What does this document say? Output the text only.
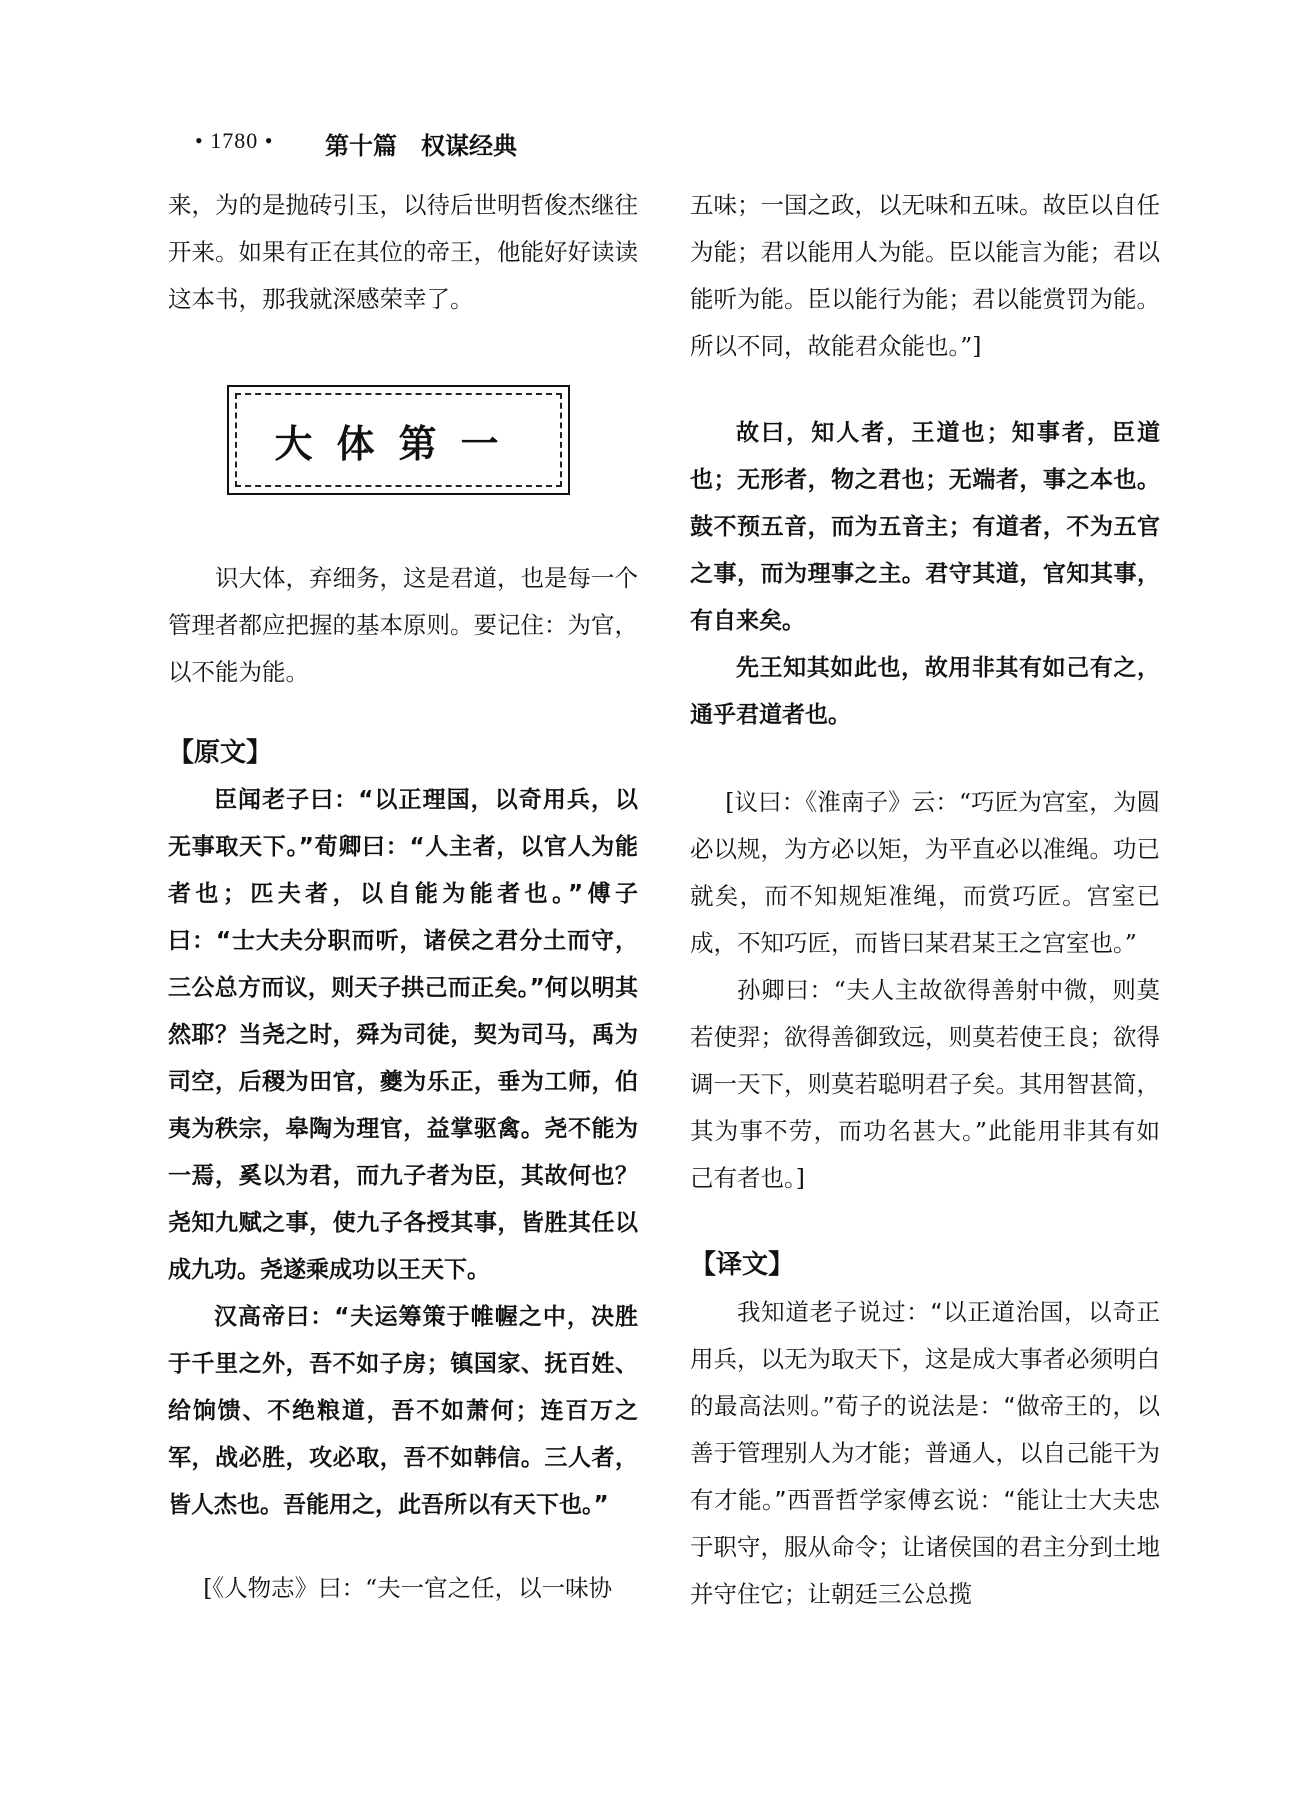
• 1780 • 第十篇　权谋经典

来，为的是抛砖引玉，以待后世明哲俊杰继往开来。如果有正在其位的帝王，他能好好读读这本书，那我就深感荣幸了。

大体第一

识大体，弃细务，这是君道，也是每一个管理者都应把握的基本原则。要记住：为官，以不能为能。

【原文】

臣闻老子曰：“以正理国，以奇用兵，以无事取天下。”荀卿曰：“人主者，以官人为能者也；匹夫者，以自能为能者也。”傅子曰：“士大夫分职而听，诸侯之君分土而守，三公总方而议，则天子拱己而正矣。”何以明其然耶？当尧之时，舜为司徒，契为司马，禹为司空，后稷为田官，夔为乐正，垂为工师，伯夷为秩宗，皋陶为理官，益掌驱禽。尧不能为一焉，奚以为君，而九子者为臣，其故何也？尧知九赋之事，使九子各授其事，皆胜其任以成九功。尧遂乘成功以王天下。

汉高帝曰：“夫运筹策于帷幄之中，决胜于千里之外，吾不如子房；镇国家、抚百姓、给饷馈、不绝粮道，吾不如萧何；连百万之军，战必胜，攻必取，吾不如韩信。三人者，皆人杰也。吾能用之，此吾所以有天下也。”

[《人物志》曰：“夫一官之任，以一味协

五味；一国之政，以无味和五味。故臣以自任为能；君以能用人为能。臣以能言为能；君以能听为能。臣以能行为能；君以能赏罚为能。所以不同，故能君众能也。”]

故曰，知人者，王道也；知事者，臣道也；无形者，物之君也；无端者，事之本也。鼓不预五音，而为五音主；有道者，不为五官之事，而为理事之主。君守其道，官知其事，有自来矣。

先王知其如此也，故用非其有如己有之，通乎君道者也。

[议曰：《淮南子》云：“巧匠为宫室，为圆必以规，为方必以矩，为平直必以准绳。功已就矣，而不知规矩准绳，而赏巧匠。宫室已成，不知巧匠，而皆曰某君某王之宫室也。”

孙卿曰：“夫人主故欲得善射中微，则莫若使羿；欲得善御致远，则莫若使王良；欲得调一天下，则莫若聪明君子矣。其用智甚简，其为事不劳，而功名甚大。”此能用非其有如己有者也。]

【译文】

我知道老子说过：“以正道治国，以奇正用兵，以无为取天下，这是成大事者必须明白的最高法则。”荀子的说法是：“做帝王的，以善于管理别人为才能；普通人，以自己能干为有才能。”西晋哲学家傅玄说：“能让士大夫忠于职守，服从命令；让诸侯国的君主分到土地并守住它；让朝廷三公总揽
